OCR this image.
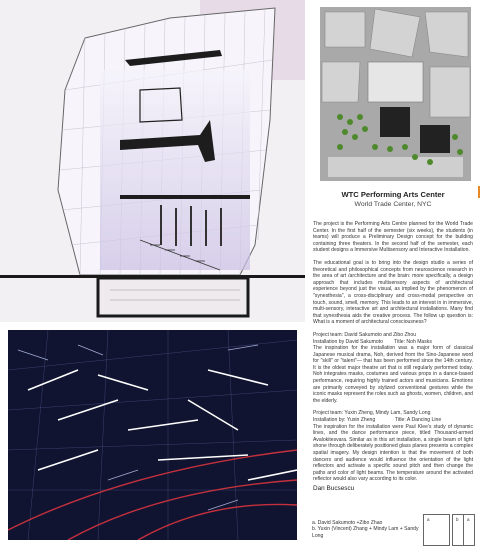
WTC Performing Arts Center

World Trade Center, NYC

The project is the Performing Arts Centre planned for the World Trade Center. In the first half of the semester (six weeks), the students (in teams) will produce a Preliminary Design concept for the building containing three theaters. In the second half of the semester, each student designs a Immersive Multisensory and Interactive Installation.

The educational goal is to bring into the design studio a series of theoretical and philosophical concepts from neuroscience research in the area of art /architecture and the brain: more specifically, a design approach that includes multisensory aspects of architectural experience beyond just the visual, as implied by the phenomenon of "synesthesia", a cross-disciplinary and cross-modal perspective on touch, sound, smell, memory. This leads to an interest in in immersive, multi-sensory, interactive art and architectural installations. Many find that synesthesia aids the creative process. The follow up question is: What is a moment of architectural consciousness?

Project team: David Sakumoto and Zibo Zhou

Installation by David Sakumoto        Title: Noh Masks

The inspiration for the installation was a major form of classical Japanese musical drama, Noh, derived from the Sino-Japanese word for "skill" or "talent"— that has been performed since the 14th century. It is the oldest major theatre art that is still regularly performed today. Noh integrates masks, costumes and various props in a dance-based performance, requiring highly trained actors and musicians. Emotions are primarily conveyed by stylized conventional gestures while the iconic masks represent the roles such as ghosts, women, children, and the elderly.

Project team: Yuxin Zheng, Mindy Lam, Sandy Long

Installation by: Yuxin Zheng              Title: A Dancing Line

The inspiration for the installation were Paul Klee's study of dynamic lines, and the dance performance piece, titled Thousand-armed Avalokitesvara. Similar as in this art installation, a single beam of light shone through deliberately positioned glass planes presents a complex spatial imagery. My design intention is that the movement of both dancers and audience would influence the orientation of the light reflectors and activate a specific sound pitch and then change the paths and color of light beams. The temperature around the activated reflector would also vary according to its color.

Dan Bucsescu

a. David Sakumoto +Zibo Zhao
b. Yuxin (Vincent) Zhang + Mindy Lam + Sandy Long
a	b a
